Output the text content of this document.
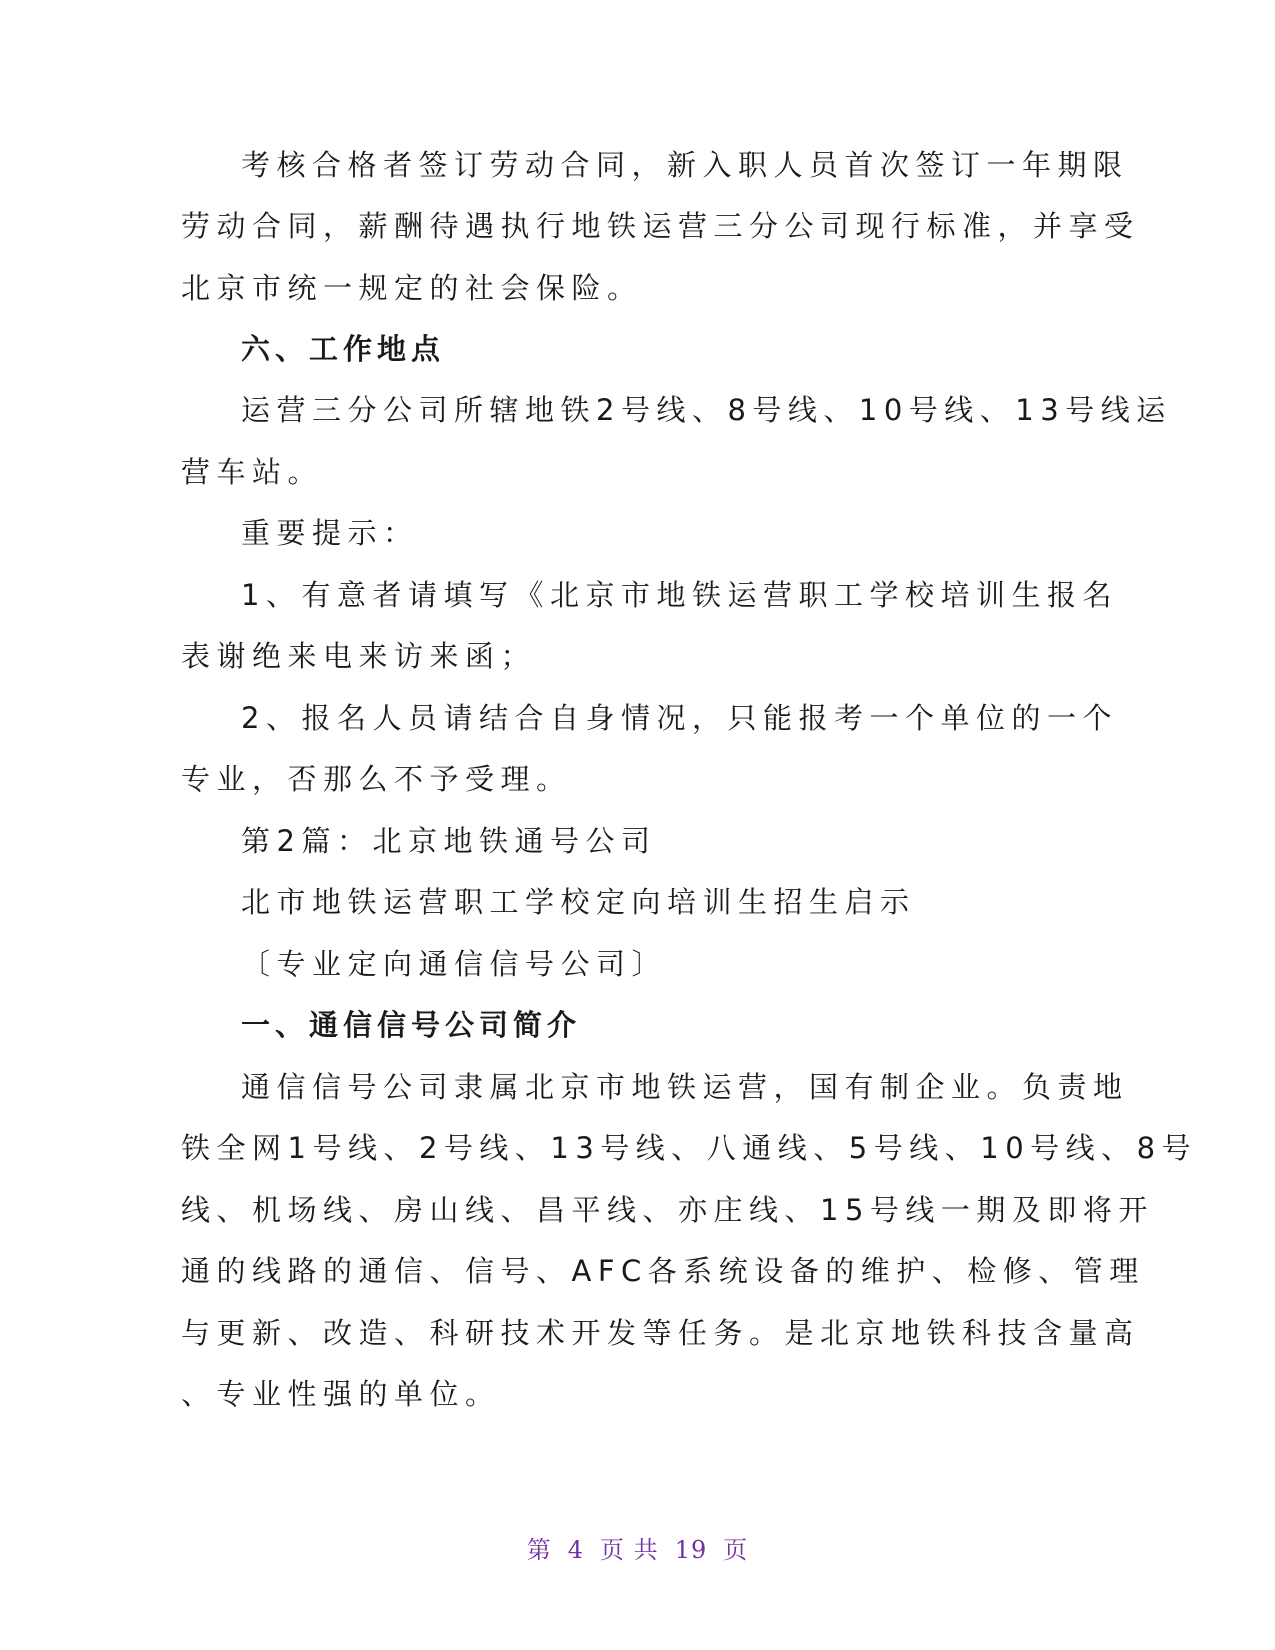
考核合格者签订劳动合同，新入职人员首次签订一年期限
劳动合同，薪酬待遇执行地铁运营三分公司现行标准，并享受
北京市统一规定的社会保险。
六、工作地点
运营三分公司所辖地铁2号线、8号线、10号线、13号线运
营车站。
重要提示：
1、有意者请填写《北京市地铁运营职工学校培训生报名
表谢绝来电来访来函；
2、报名人员请结合自身情况，只能报考一个单位的一个
专业，否那么不予受理。
第2篇：北京地铁通号公司
北市地铁运营职工学校定向培训生招生启示
〔专业定向通信信号公司〕
一、通信信号公司简介
通信信号公司隶属北京市地铁运营，国有制企业。负责地
铁全网1号线、2号线、13号线、八通线、5号线、10号线、8号
线、机场线、房山线、昌平线、亦庄线、15号线一期及即将开
通的线路的通信、信号、AFC各系统设备的维护、检修、管理
与更新、改造、科研技术开发等任务。是北京地铁科技含量高
、专业性强的单位。
第 4 页 共 19 页
